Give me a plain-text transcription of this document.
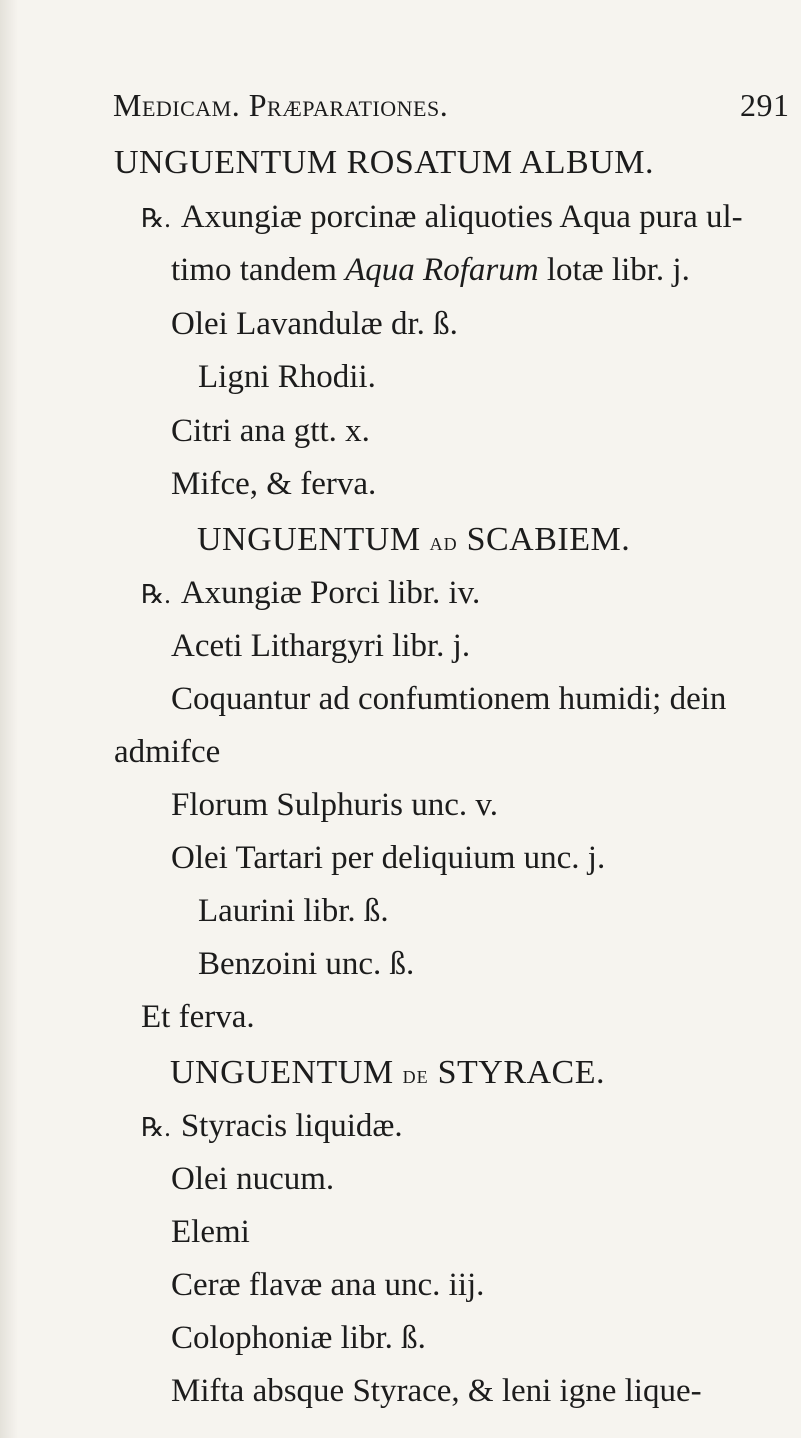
Medicam. Præparationes.	291
UNGUENTUM ROSATUM ALBUM.
℞. Axungiæ porcinæ aliquoties Aqua pura ul-
timo tandem Aqua Rofarum lotæ libr. j.
Olei Lavandulæ dr. ß.
Ligni Rhodii.
Citri ana gtt. x.
Mifce, & ferva.
UNGUENTUM ad SCABIEM.
℞. Axungiæ Porci libr. iv.
Aceti Lithargyri libr. j.
Coquantur ad confumtionem humidi; dein
admifce
Florum Sulphuris unc. v.
Olei Tartari per deliquium unc. j.
Laurini libr. ß.
Benzoini unc. ß.
Et ferva.
UNGUENTUM de STYRACE.
℞. Styracis liquidæ.
Olei nucum.
Elemi
Ceræ flavæ ana unc. iij.
Colophoniæ libr. ß.
Mifta absque Styrace, & leni igne lique-
